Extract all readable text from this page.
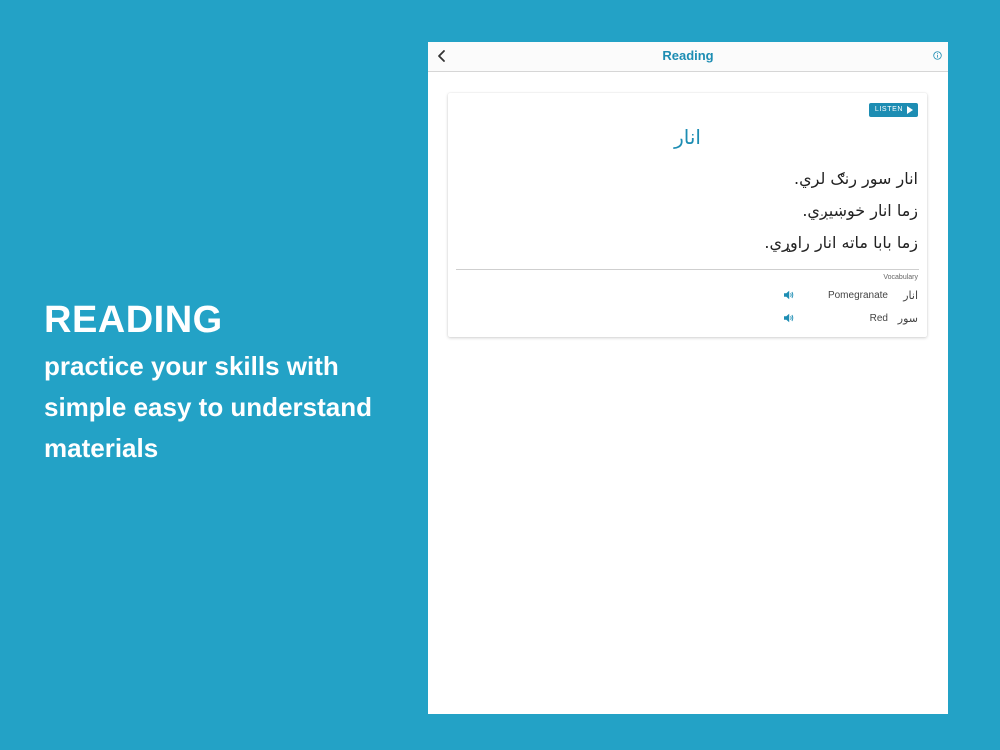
READING
practice your skills with
simple easy to understand
materials
Reading
LISTEN
انار

انار سور رنګ لري.

زما انار خوښيږي.

زما بابا ماته انار راوړي.

Vocabulary
Pomegranate انار
Red سور
